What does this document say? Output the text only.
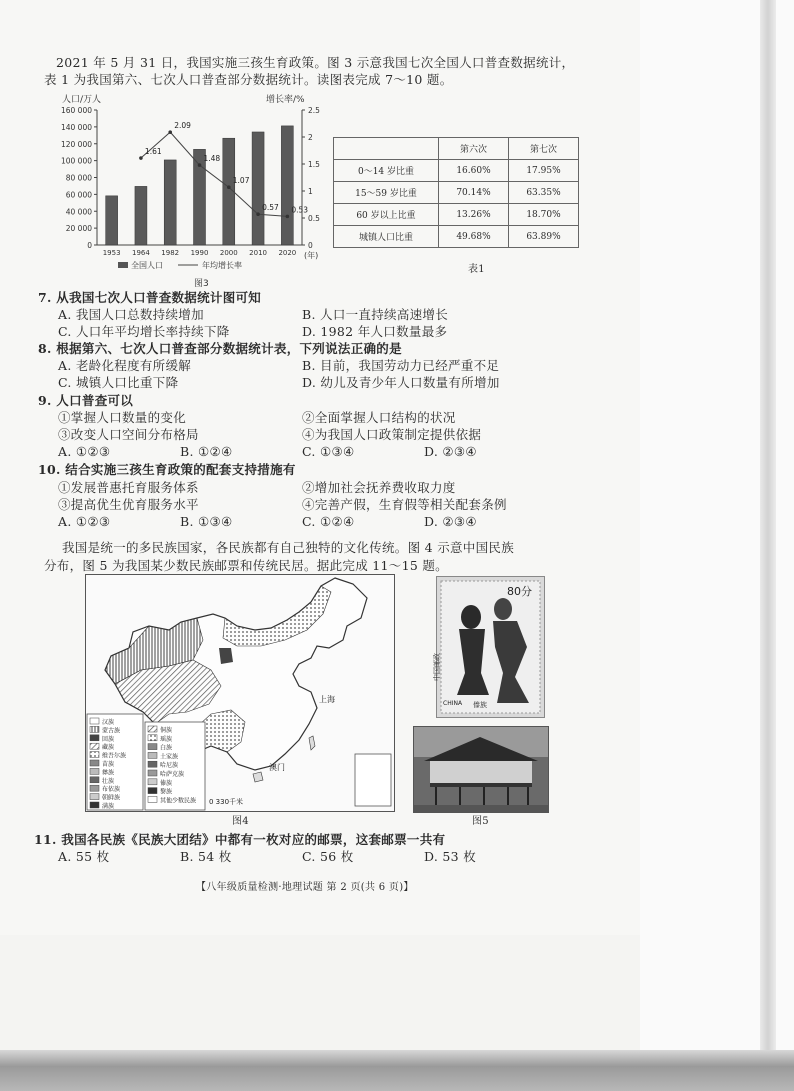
2021 年 5 月 31 日，我国实施三孩生育政策。图 3 示意我国七次全国人口普查数据统计，
表 1 为我国第六、七次人口普查部分数据统计。读图表完成 7～10 题。
人口/万人	增长率/%
0
20 000
40 000
60 000
80 000
100 000
120 000
140 000
160 000
0
0.5
1
1.5
2
2.5
1953 1964 1982 1990 2000 2010 2020
1.61
2.09
1.48
1.07
0.57 0.53
(年)
全国人口	年均增长率
图3
	第六次	第七次
0～14 岁比重	16.60%	17.95%
15～59 岁比重	70.14%	63.35%
60 岁以上比重	13.26%	18.70%
城镇人口比重	49.68%	63.89%
表1
7. 从我国七次人口普查数据统计图可知
A. 我国人口总数持续增加	B. 人口一直持续高速增长
C. 人口年平均增长率持续下降	D. 1982 年人口数量最多
8. 根据第六、七次人口普查部分数据统计表，下列说法正确的是
A. 老龄化程度有所缓解	B. 目前，我国劳动力已经严重不足
C. 城镇人口比重下降	D. 幼儿及青少年人口数量有所增加
9. 人口普查可以
①掌握人口数量的变化	②全面掌握人口结构的状况
③改变人口空间分布格局	④为我国人口政策制定提供依据
A. ①②③	B. ①②④	C. ①③④	D. ②③④
10. 结合实施三孩生育政策的配套支持措施有
①发展普惠托育服务体系	②增加社会抚养费收取力度
③提高优生优育服务水平	④完善产假，生育假等相关配套条例
A. ①②③	B. ①③④	C. ①②④	D. ②③④
我国是统一的多民族国家，各民族都有自己独特的文化传统。图 4 示意中国民族
分布，图 5 为我国某少数民族邮票和传统民居。据此完成 11～15 题。
上海
澳门
汉族
蒙古族
回族
藏族
维吾尔族
苗族
彝族
壮族
布依族
朝鲜族
满族
侗族
瑶族
白族
土家族
哈尼族
哈萨克族
傣族
黎族
其他少数民族 0 330千米
图4
80分
中国邮政
CHINA 傣族
图5
11. 我国各民族《民族大团结》中都有一枚对应的邮票，这套邮票一共有
A. 55 枚	B. 54 枚	C. 56 枚	D. 53 枚
【八年级质量检测·地理试题 第 2 页(共 6 页)】
